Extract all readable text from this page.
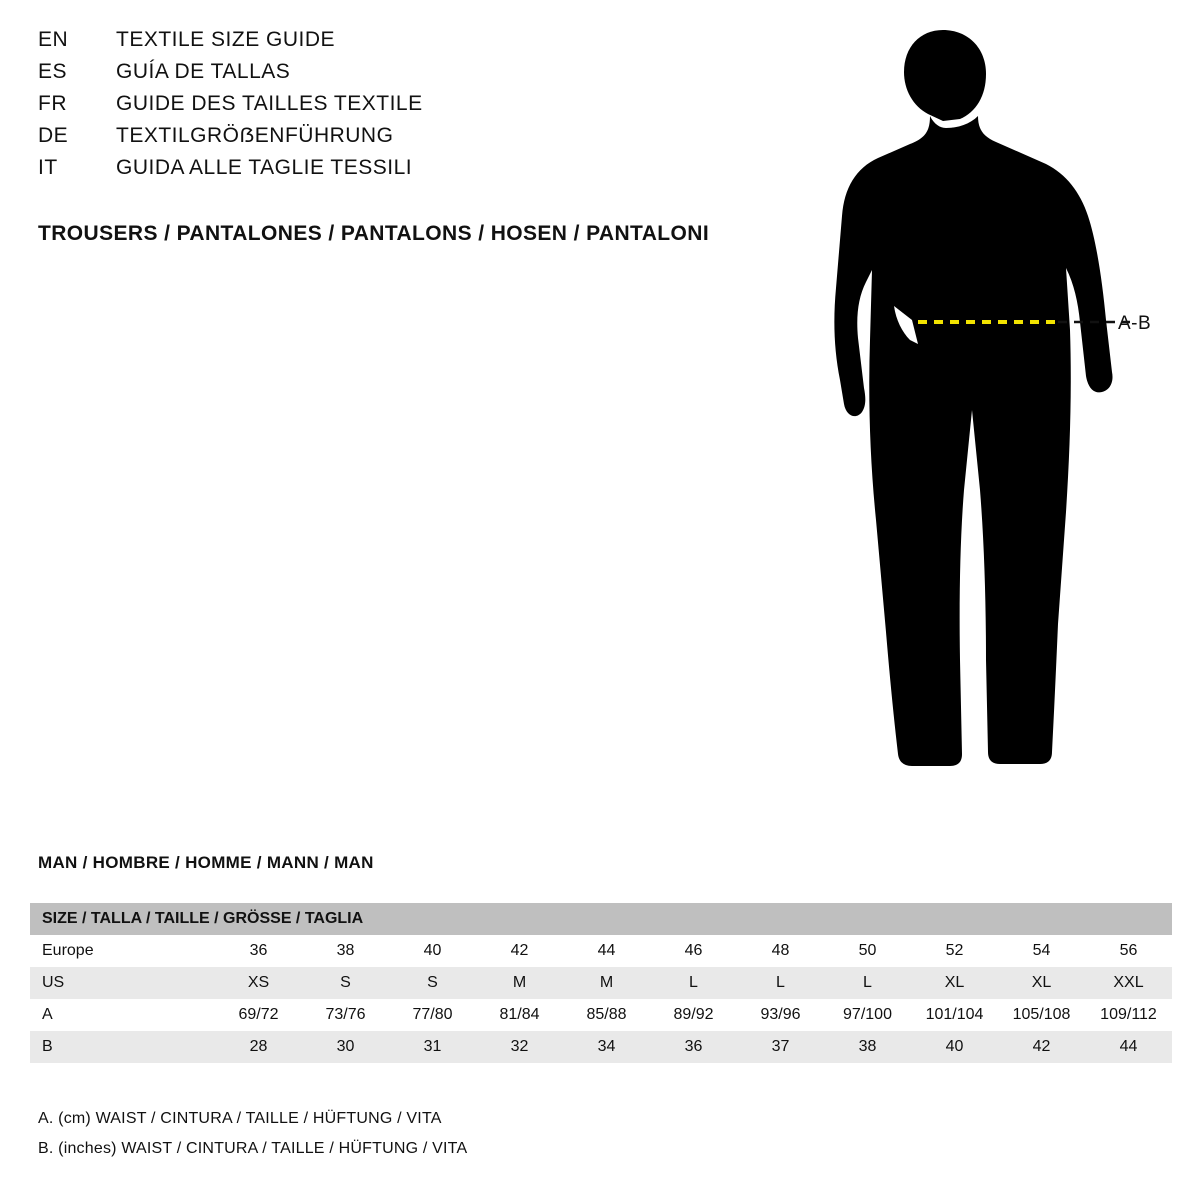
EN	TEXTILE SIZE GUIDE
ES	GUÍA DE TALLAS
FR	GUIDE DES TAILLES TEXTILE
DE	TEXTILGRÖẞENFÜHRUNG
IT	GUIDA ALLE TAGLIE TESSILI
TROUSERS / PANTALONES / PANTALONS / HOSEN / PANTALONI
A-B
MAN / HOMBRE / HOMME / MANN / MAN
SIZE / TALLA / TAILLE / GRÖSSE / TAGLIA											
Europe	36	38	40	42	44	46	48	50	52	54	56
US	XS	S	S	M	M	L	L	L	XL	XL	XXL
A	69/72	73/76	77/80	81/84	85/88	89/92	93/96	97/100	101/104	105/108	109/112
B	28	30	31	32	34	36	37	38	40	42	44
A. (cm) WAIST / CINTURA / TAILLE / HÜFTUNG / VITA
B. (inches) WAIST / CINTURA / TAILLE / HÜFTUNG / VITA
